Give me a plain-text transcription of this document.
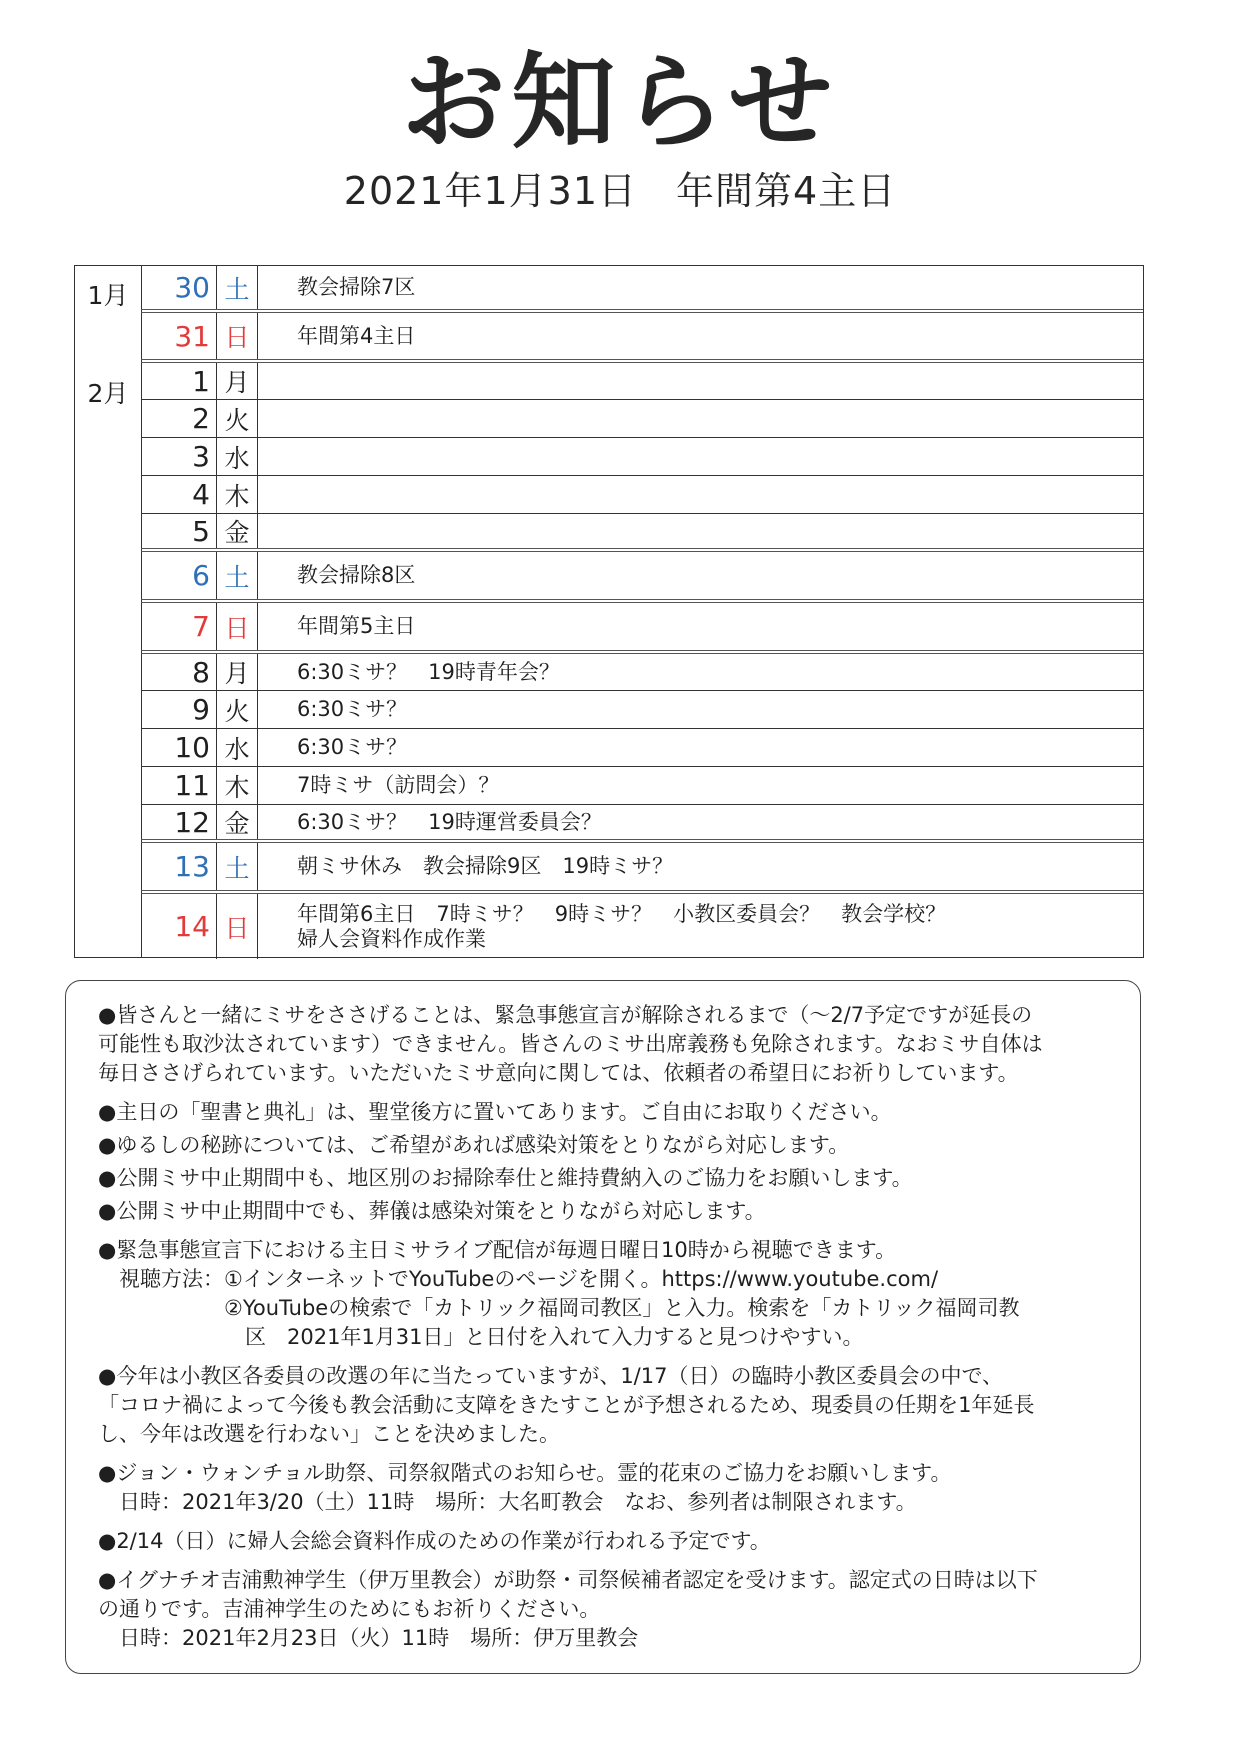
お知らせ
2021年1月31日　年間第4主日
1月
2月
30 土	教会掃除7区
31 日	年間第4主日
1 月
2 火
3 水
4 木
5 金
6 土	教会掃除8区
7 日	年間第5主日
8 月	6:30ミサ？　19時青年会？
9 火	6:30ミサ？
10 水	6:30ミサ？
11 木	7時ミサ（訪問会）？
12 金	6:30ミサ？　19時運営委員会？
13 土	朝ミサ休み　教会掃除9区　19時ミサ？
14 日	年間第6主日　7時ミサ？　9時ミサ？　小教区委員会？　教会学校？
婦人会資料作成作業

●皆さんと一緒にミサをささげることは、緊急事態宣言が解除されるまで（～2/7予定ですが延長の
可能性も取沙汰されています）できません。皆さんのミサ出席義務も免除されます。なおミサ自体は
毎日ささげられています。いただいたミサ意向に関しては、依頼者の希望日にお祈りしています。

●主日の「聖書と典礼」は、聖堂後方に置いてあります。ご自由にお取りください。

●ゆるしの秘跡については、ご希望があれば感染対策をとりながら対応します。

●公開ミサ中止期間中も、地区別のお掃除奉仕と維持費納入のご協力をお願いします。

●公開ミサ中止期間中でも、葬儀は感染対策をとりながら対応します。

●緊急事態宣言下における主日ミサライブ配信が毎週日曜日10時から視聴できます。
　視聴方法：①インターネットでYouTubeのページを開く。https://www.youtube.com/
　　　　　　②YouTubeの検索で「カトリック福岡司教区」と入力。検索を「カトリック福岡司教
　　　　　　　区　2021年1月31日」と日付を入れて入力すると見つけやすい。

●今年は小教区各委員の改選の年に当たっていますが、1/17（日）の臨時小教区委員会の中で、
「コロナ禍によって今後も教会活動に支障をきたすことが予想されるため、現委員の任期を1年延長
し、今年は改選を行わない」ことを決めました。

●ジョン・ウォンチョル助祭、司祭叙階式のお知らせ。霊的花束のご協力をお願いします。
　日時：2021年3/20（土）11時　場所：大名町教会　なお、参列者は制限されます。

●2/14（日）に婦人会総会資料作成のための作業が行われる予定です。

●イグナチオ吉浦勲神学生（伊万里教会）が助祭・司祭候補者認定を受けます。認定式の日時は以下
の通りです。吉浦神学生のためにもお祈りください。
　日時：2021年2月23日（火）11時　場所：伊万里教会
